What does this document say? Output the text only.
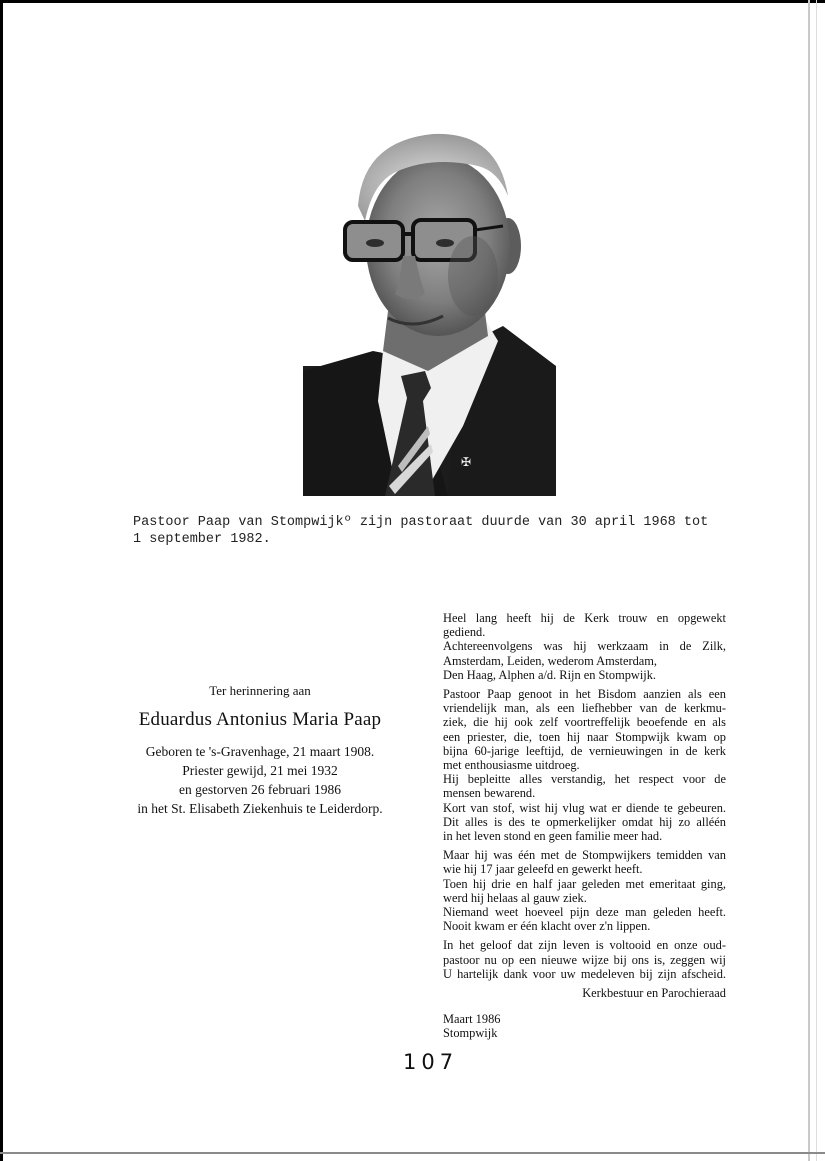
✠
Pastoor Paap van Stompwijkº zijn pastoraat duurde van 30 april 1968 tot
1 september 1982.

Ter herinnering aan

Eduardus Antonius Maria Paap

Geboren te 's-Gravenhage, 21 maart 1908.

Priester gewijd, 21 mei 1932

en gestorven 26 februari 1986

in het St. Elisabeth Ziekenhuis te Leiderdorp.

Heel lang heeft hij de Kerk trouw en opgewekt
gediend.
Achtereenvolgens was hij werkzaam in de Zilk,
Amsterdam, Leiden, wederom Amsterdam,
Den Haag, Alphen a/d. Rijn en Stompwijk.

Pastoor Paap genoot in het Bisdom aanzien als een
vriendelijk man, als een liefhebber van de kerkmu-
ziek, die hij ook zelf voortreffelijk beoefende en als
een priester, die, toen hij naar Stompwijk kwam op
bijna 60-jarige leeftijd, de vernieuwingen in de kerk
met enthousiasme uitdroeg.
Hij bepleitte alles verstandig, het respect voor de
mensen bewarend.
Kort van stof, wist hij vlug wat er diende te gebeuren.
Dit alles is des te opmerkelijker omdat hij zo alléén
in het leven stond en geen familie meer had.

Maar hij was één met de Stompwijkers temidden van
wie hij 17 jaar geleefd en gewerkt heeft.
Toen hij drie en half jaar geleden met emeritaat ging,
werd hij helaas al gauw ziek.
Niemand weet hoeveel pijn deze man geleden heeft.
Nooit kwam er één klacht over z'n lippen.

In het geloof dat zijn leven is voltooid en onze oud-
pastoor nu op een nieuwe wijze bij ons is, zeggen wij
U hartelijk dank voor uw medeleven bij zijn afscheid.

Kerkbestuur en Parochieraad

Maart 1986
Stompwijk

107
